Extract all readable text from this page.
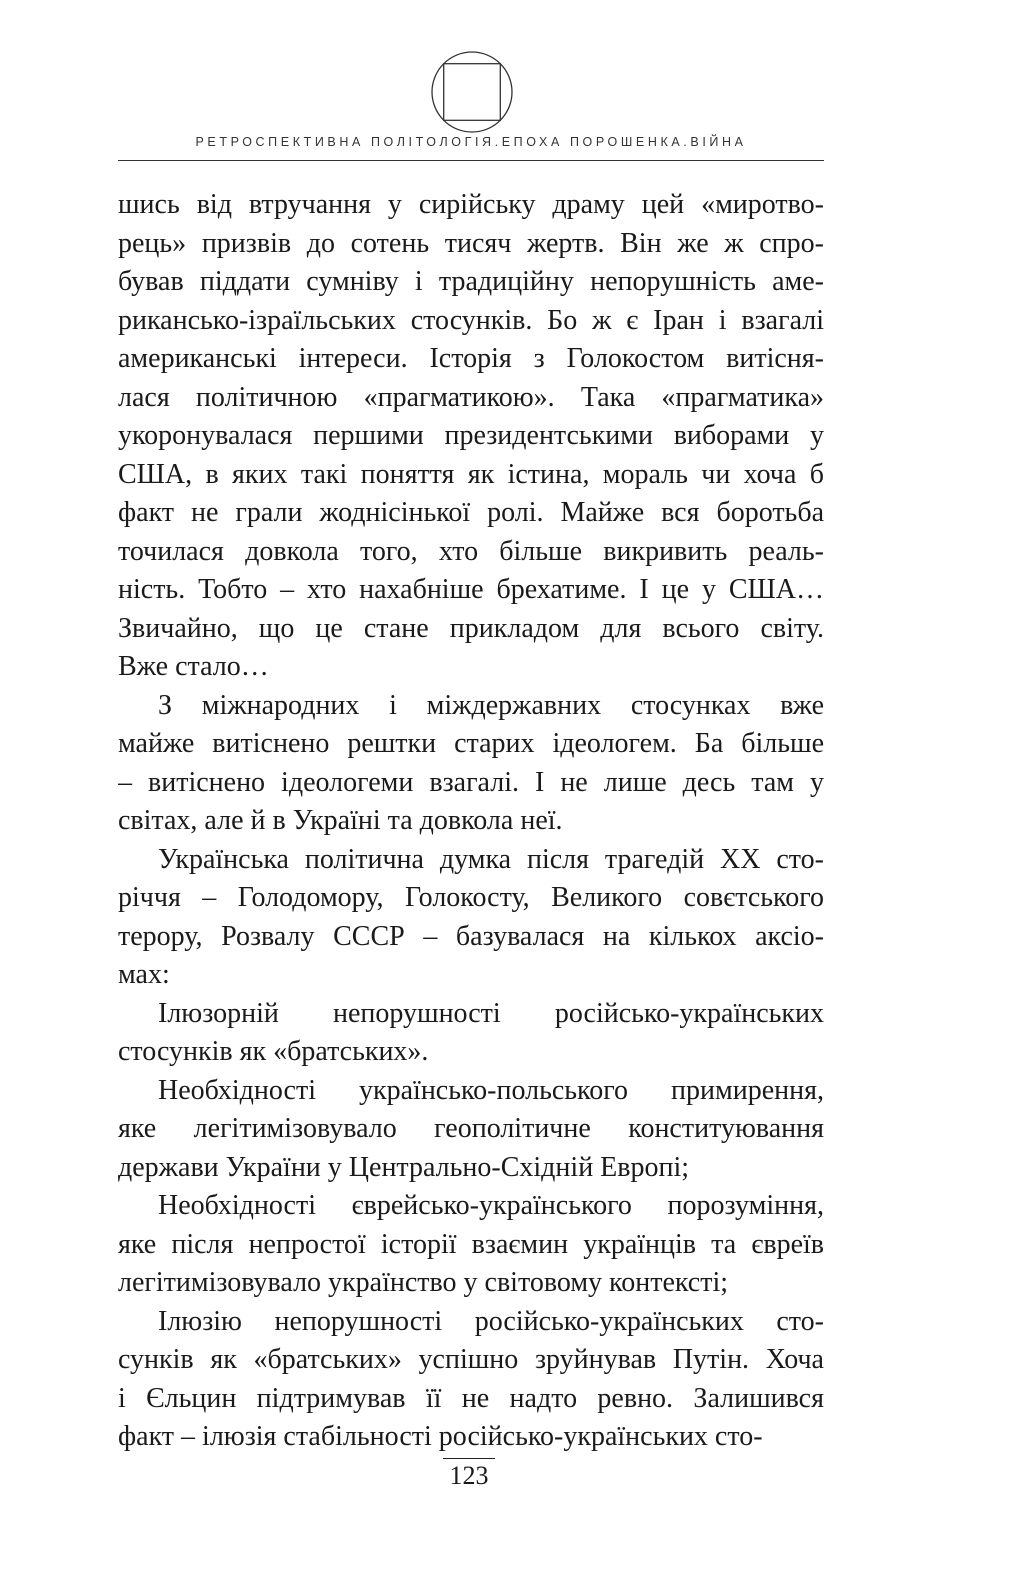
РЕТРОСПЕКТИВНА ПОЛІТОЛОГІЯ.ЕПОХА ПОРОШЕНКА.ВІЙНА

шись від втручання у сирійську драму цей «миротво-
рець» призвів до сотень тисяч жертв. Він же ж спро-
бував піддати сумніву і традиційну непорушність аме-
риканcько-ізраїльських стосунків. Бо ж є Іран і взагалі
американські інтереси. Історія з Голокостом витісня-
лася політичною «прагматикою». Така «прагматика»
укоронувалася першими президентськими виборами у
США, в яких такі поняття як істина, мораль чи хоча б
факт не грали жоднісінької ролі. Майже вся боротьба
точилася довкола того, хто більше викривить реаль-
ність. Тобто – хто нахабніше брехатиме. І це у США…
Звичайно, що це стане прикладом для всього світу.
Вже стало…

З міжнародних і міждержавних стосунках вже
майже витіснено рештки старих ідеологем. Ба більше
– витіснено ідеологеми взагалі. І не лише десь там у
світах, але й в Україні та довкола неї.

Українська політична думка після трагедій ХХ сто-
річчя – Голодомору, Голокосту, Великого совєтського
терору, Розвалу СССР – базувалася на кількох аксіо-
мах:

Ілюзорній непорушності російсько-українських
стосунків як «братських».

Необхідності українсько-польського примирення,
яке легітимізовувало геополітичне конституювання
держави України у Центрально-Східній Европі;

Необхідності єврейсько-українського порозуміння,
яке після непростої історії взаємин українців та євреїв
легітимізовувало українство у світовому контексті;

Ілюзію непорушності російсько-українських сто-
сунків як «братських» успішно зруйнував Путін. Хоча
і Єльцин підтримував її не надто ревно. Залишився
факт – ілюзія стабільності російсько-українських сто-

123
